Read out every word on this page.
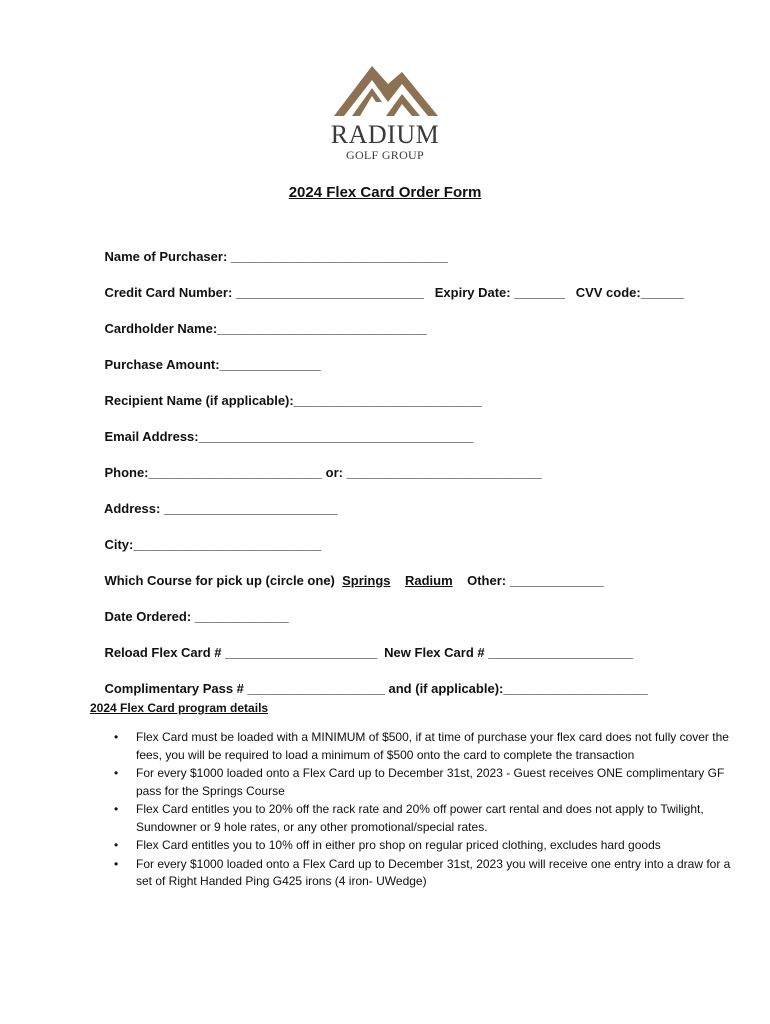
RADIUM
GOLF GROUP
2024 Flex Card Order Form

Name of Purchaser: ______________________________

Credit Card Number: __________________________ Expiry Date: _______ CVV code:______

Cardholder Name:_____________________________

Purchase Amount:______________

Recipient Name (if applicable):__________________________

Email Address:______________________________________

Phone:________________________ or: ___________________________

Address: ________________________

City:__________________________

Which Course for pick up (circle one) Springs Radium Other: _____________

Date Ordered: _____________

Reload Flex Card # _____________________ New Flex Card # ____________________

Complimentary Pass # ___________________ and (if applicable):____________________

2024 Flex Card program details
• Flex Card must be loaded with a MINIMUM of $500, if at time of purchase your flex card does not fully cover the fees, you will be required to load a minimum of $500 onto the card to complete the transaction
• For every $1000 loaded onto a Flex Card up to December 31st, 2023 - Guest receives ONE complimentary GF pass for the Springs Course
• Flex Card entitles you to 20% off the rack rate and 20% off power cart rental and does not apply to Twilight, Sundowner or 9 hole rates, or any other promotional/special rates.
• Flex Card entitles you to 10% off in either pro shop on regular priced clothing, excludes hard goods
• For every $1000 loaded onto a Flex Card up to December 31st, 2023 you will receive one entry into a draw for a set of Right Handed Ping G425 irons (4 iron- UWedge)
